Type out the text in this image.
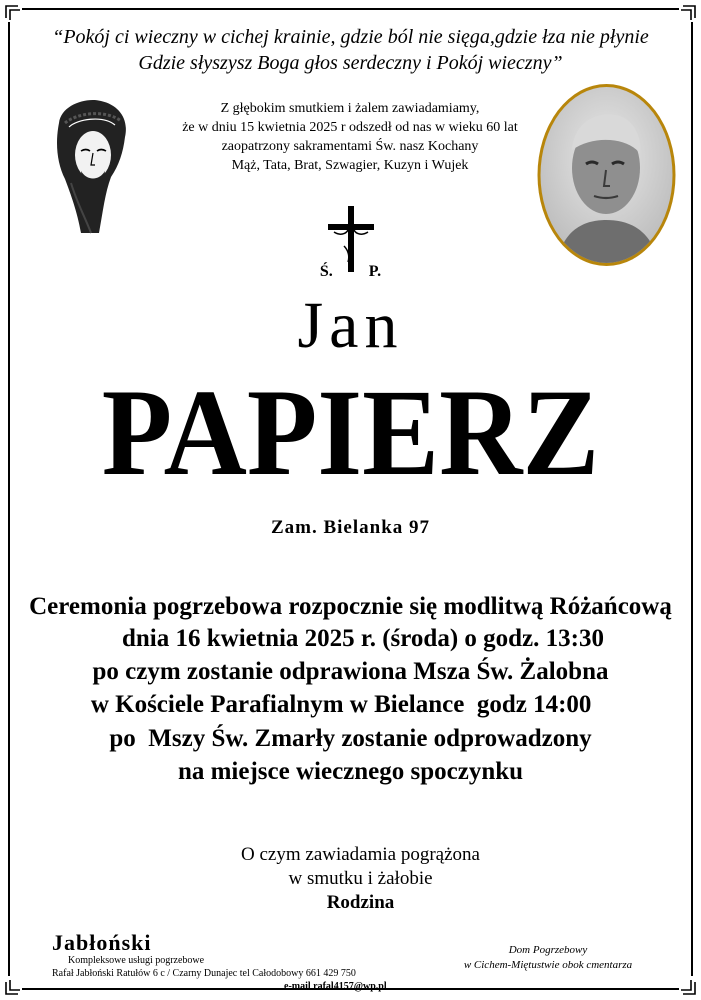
“Pokój ci wieczny w cichej krainie, gdzie ból nie sięga,gdzie łza nie płynie
Gdzie słyszysz Boga głos serdeczny i Pokój wieczny”
Z głębokim smutkiem i żalem zawiadamiamy,
że w dniu 15 kwietnia 2025 r odszedł od nas w wieku 60 lat
zaopatrzony sakramentami Św. nasz Kochany
Mąż, Tata, Brat, Szwagier, Kuzyn i Wujek
Ś.         P.
Jan
PAPIERZ
Zam. Bielanka 97
Ceremonia pogrzebowa rozpocznie się modlitwą Różańcową
dnia 16 kwietnia 2025 r. (środa) o godz. 13:30
po czym zostanie odprawiona Msza Św. Żalobna
w Kościele Parafialnym w Bielance  godz 14:00
po  Mszy Św. Zmarły zostanie odprowadzony
na miejsce wiecznego spoczynku
O czym zawiadamia pogrążona
w smutku i żałobie
Rodzina
Jabłoński
Kompleksowe usługi pogrzebowe
Rafał Jabłoński Ratułów 6 c / Czarny Dunajec tel Całodobowy 661 429 750
e-mail rafal4157@wp.pl
Dom Pogrzebowy
w Cichem-Miętustwie obok cmentarza
